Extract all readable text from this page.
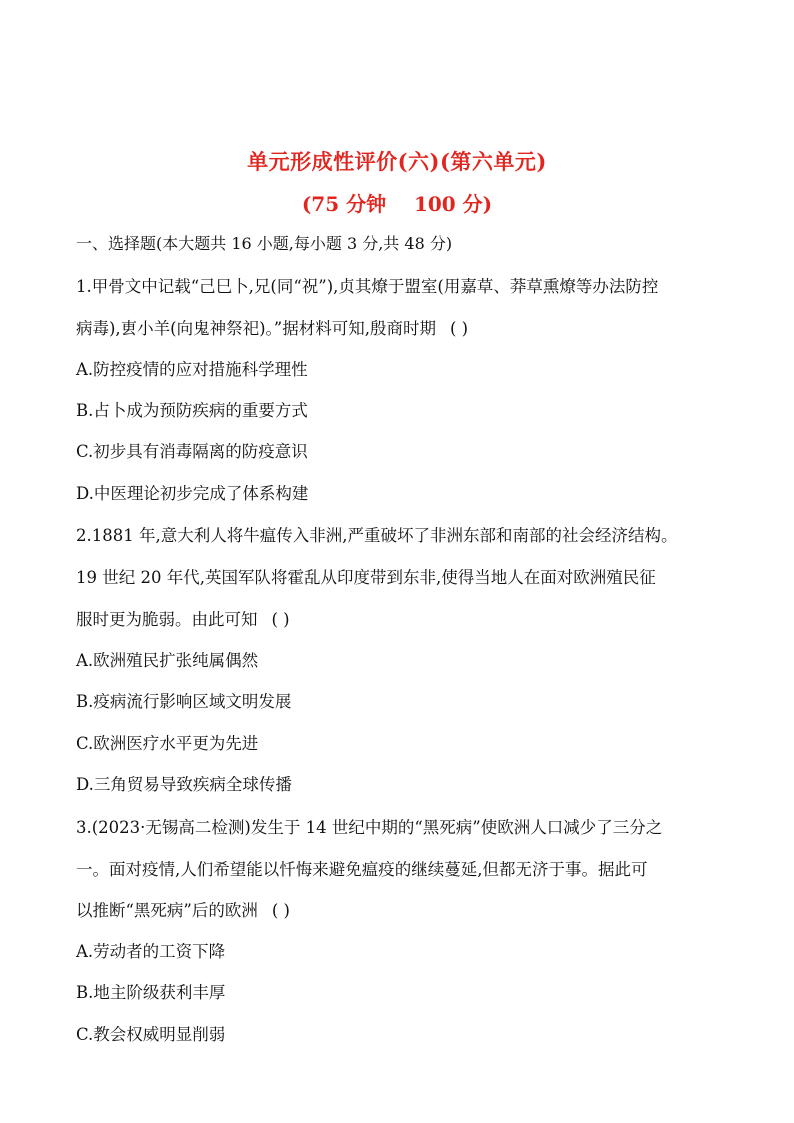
单元形成性评价(六)(第六单元)
(75 分钟    100 分)
一、选择题(本大题共 16 小题,每小题 3 分,共 48 分)
1.甲骨文中记载“己巳卜,兄(同“祝”),贞其燎于盟室(用嘉草、莽草熏燎等办法防控
病毒),叀小羊(向鬼神祭祀)。”据材料可知,殷商时期 ( )
A.防控疫情的应对措施科学理性
B.占卜成为预防疾病的重要方式
C.初步具有消毒隔离的防疫意识
D.中医理论初步完成了体系构建
2.1881 年,意大利人将牛瘟传入非洲,严重破坏了非洲东部和南部的社会经济结构。
19 世纪 20 年代,英国军队将霍乱从印度带到东非,使得当地人在面对欧洲殖民征
服时更为脆弱。由此可知 ( )
A.欧洲殖民扩张纯属偶然
B.疫病流行影响区域文明发展
C.欧洲医疗水平更为先进
D.三角贸易导致疾病全球传播
3.(2023·无锡高二检测)发生于 14 世纪中期的“黑死病”使欧洲人口减少了三分之
一。面对疫情,人们希望能以忏悔来避免瘟疫的继续蔓延,但都无济于事。据此可
以推断“黑死病”后的欧洲 ( )
A.劳动者的工资下降
B.地主阶级获利丰厚
C.教会权威明显削弱
